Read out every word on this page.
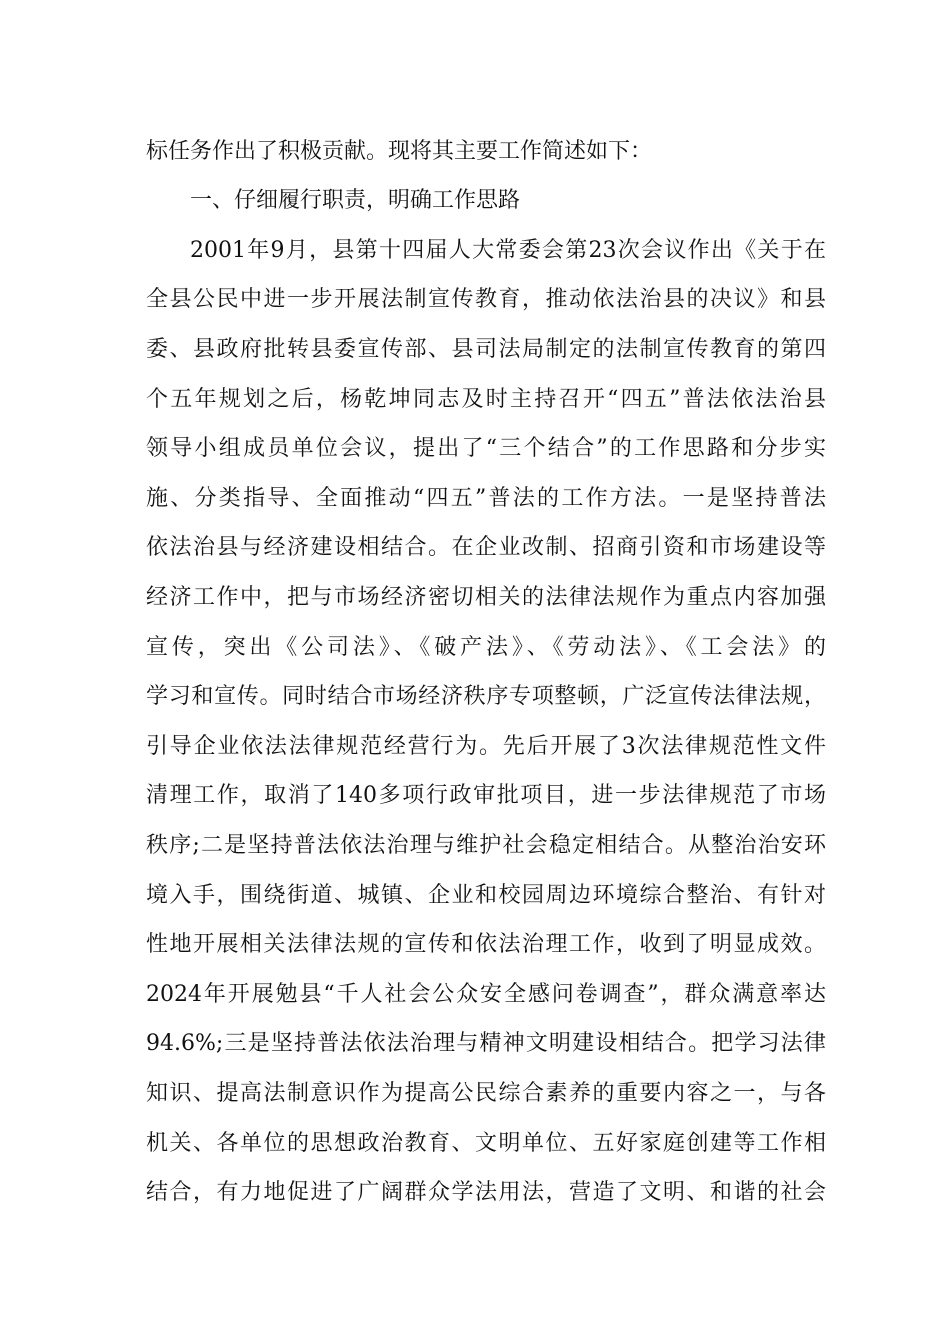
标任务作出了积极贡献。现将其主要工作简述如下：
一、仔细履行职责，明确工作思路
2001年9月，县第十四届人大常委会第23次会议作出《关于在
全县公民中进一步开展法制宣传教育，推动依法治县的决议》和县
委、县政府批转县委宣传部、县司法局制定的法制宣传教育的第四
个五年规划之后，杨乾坤同志及时主持召开“四五”普法依法治县
领导小组成员单位会议，提出了“三个结合”的工作思路和分步实
施、分类指导、全面推动“四五”普法的工作方法。一是坚持普法
依法治县与经济建设相结合。在企业改制、招商引资和市场建设等
经济工作中，把与市场经济密切相关的法律法规作为重点内容加强
宣传，突出《公司法》、《破产法》、《劳动法》、《工会法》的
学习和宣传。同时结合市场经济秩序专项整顿，广泛宣传法律法规，
引导企业依法法律规范经营行为。先后开展了3次法律规范性文件
清理工作，取消了140多项行政审批项目，进一步法律规范了市场
秩序;二是坚持普法依法治理与维护社会稳定相结合。从整治治安环
境入手，围绕街道、城镇、企业和校园周边环境综合整治、有针对
性地开展相关法律法规的宣传和依法治理工作，收到了明显成效。
2024年开展勉县“千人社会公众安全感问卷调查”，群众满意率达
94.6%;三是坚持普法依法治理与精神文明建设相结合。把学习法律
知识、提高法制意识作为提高公民综合素养的重要内容之一，与各
机关、各单位的思想政治教育、文明单位、五好家庭创建等工作相
结合，有力地促进了广阔群众学法用法，营造了文明、和谐的社会
